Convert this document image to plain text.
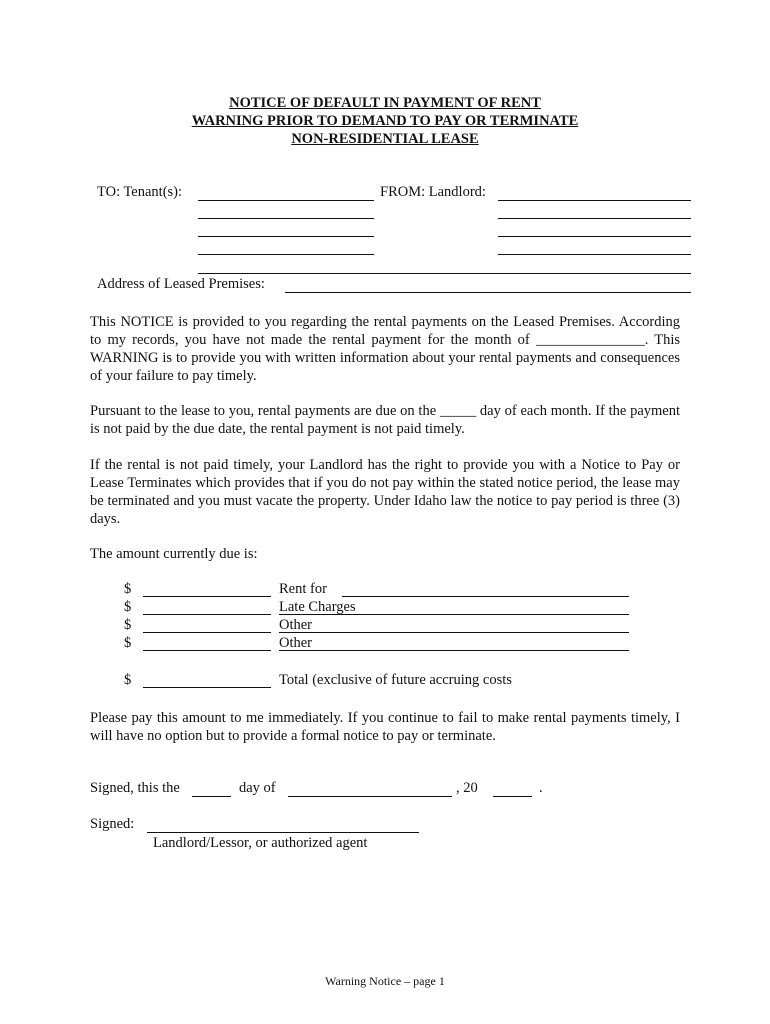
NOTICE OF DEFAULT IN PAYMENT OF RENT
WARNING PRIOR TO DEMAND TO PAY OR TERMINATE
NON-RESIDENTIAL LEASE
TO: Tenant(s):	FROM: Landlord:
Address of Leased Premises:
This NOTICE is provided to you regarding the rental payments on the Leased Premises. According to my records, you have not made the rental payment for the month of _______________. This WARNING is to provide you with written information about your rental payments and consequences of your failure to pay timely.
Pursuant to the lease to you, rental payments are due on the _____ day of each month. If the payment is not paid by the due date, the rental payment is not paid timely.
If the rental is not paid timely, your Landlord has the right to provide you with a Notice to Pay or Lease Terminates which provides that if you do not pay within the stated notice period, the lease may be terminated and you must vacate the property. Under Idaho law the notice to pay period is three (3) days.
The amount currently due is:
$	Rent for
$	Late Charges
$	Other
$	Other
$	Total (exclusive of future accruing costs
Please pay this amount to me immediately. If you continue to fail to make rental payments timely, I will have no option but to provide a formal notice to pay or terminate.
Signed, this the	day of	, 20	.
Signed:
Landlord/Lessor, or authorized agent
Warning Notice – page 1
